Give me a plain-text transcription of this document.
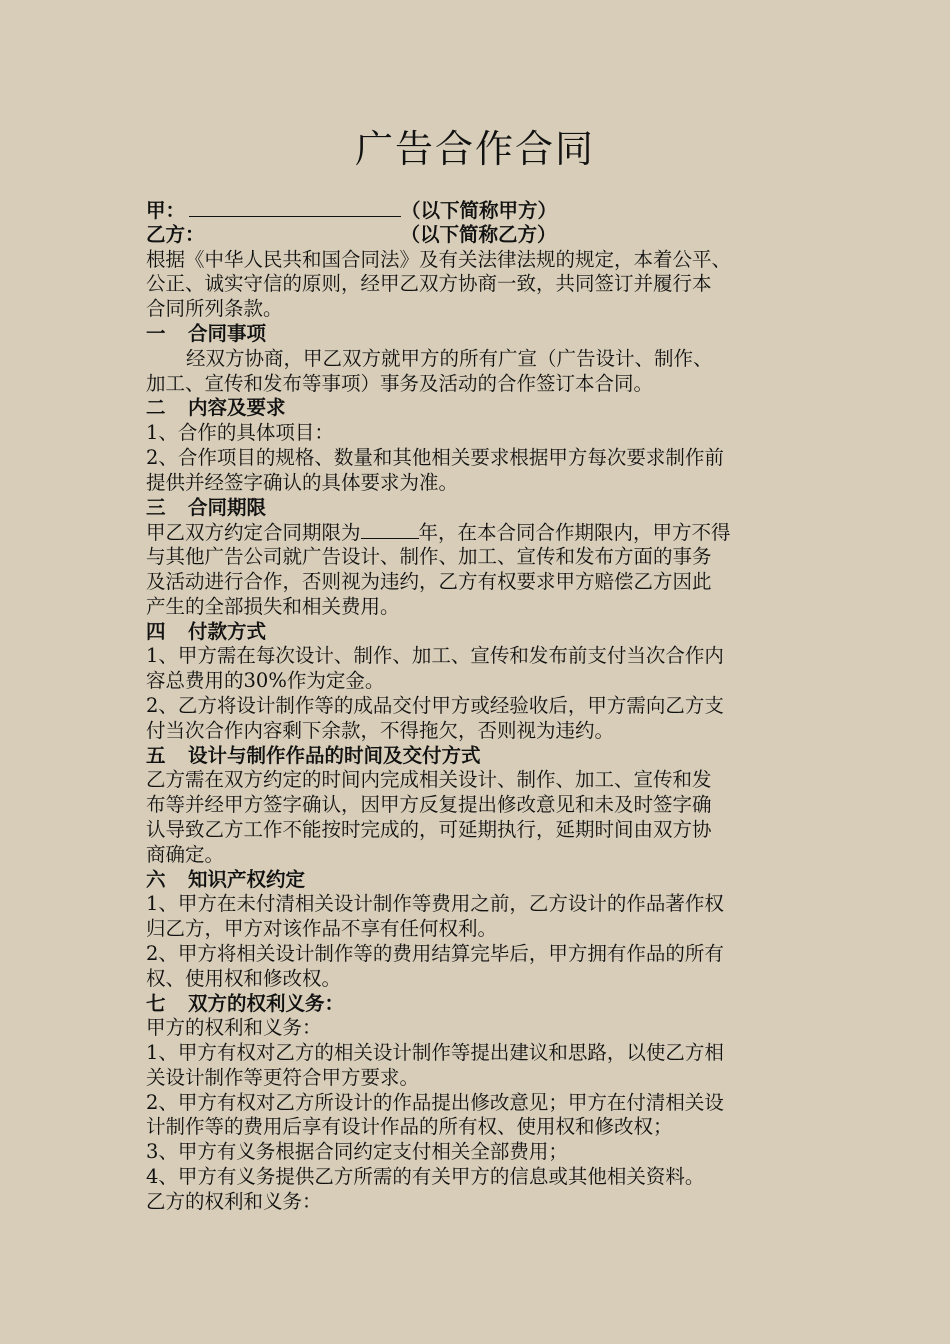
广告合作合同
甲：	（以下简称甲方）
乙方：	（以下简称乙方）
根据《中华人民共和国合同法》及有关法律法规的规定，本着公平、
公正、诚实守信的原则，经甲乙双方协商一致，共同签订并履行本
合同所列条款。
一 合同事项
经双方协商，甲乙双方就甲方的所有广宣（广告设计、制作、
加工、宣传和发布等事项）事务及活动的合作签订本合同。
二 内容及要求
1、合作的具体项目：
2、合作项目的规格、数量和其他相关要求根据甲方每次要求制作前
提供并经签字确认的具体要求为准。
三 合同期限
甲乙双方约定合同期限为	年，在本合同合作期限内，甲方不得
与其他广告公司就广告设计、制作、加工、宣传和发布方面的事务
及活动进行合作，否则视为违约，乙方有权要求甲方赔偿乙方因此
产生的全部损失和相关费用。
四 付款方式
1、甲方需在每次设计、制作、加工、宣传和发布前支付当次合作内
容总费用的30%作为定金。
2、乙方将设计制作等的成品交付甲方或经验收后，甲方需向乙方支
付当次合作内容剩下余款，不得拖欠，否则视为违约。
五 设计与制作作品的时间及交付方式
乙方需在双方约定的时间内完成相关设计、制作、加工、宣传和发
布等并经甲方签字确认，因甲方反复提出修改意见和未及时签字确
认导致乙方工作不能按时完成的，可延期执行，延期时间由双方协
商确定。
六 知识产权约定
1、甲方在未付清相关设计制作等费用之前，乙方设计的作品著作权
归乙方，甲方对该作品不享有任何权利。
2、甲方将相关设计制作等的费用结算完毕后，甲方拥有作品的所有
权、使用权和修改权。
七 双方的权利义务：
甲方的权利和义务：
1、甲方有权对乙方的相关设计制作等提出建议和思路，以使乙方相
关设计制作等更符合甲方要求。
2、甲方有权对乙方所设计的作品提出修改意见；甲方在付清相关设
计制作等的费用后享有设计作品的所有权、使用权和修改权；
3、甲方有义务根据合同约定支付相关全部费用；
4、甲方有义务提供乙方所需的有关甲方的信息或其他相关资料。
乙方的权利和义务：
